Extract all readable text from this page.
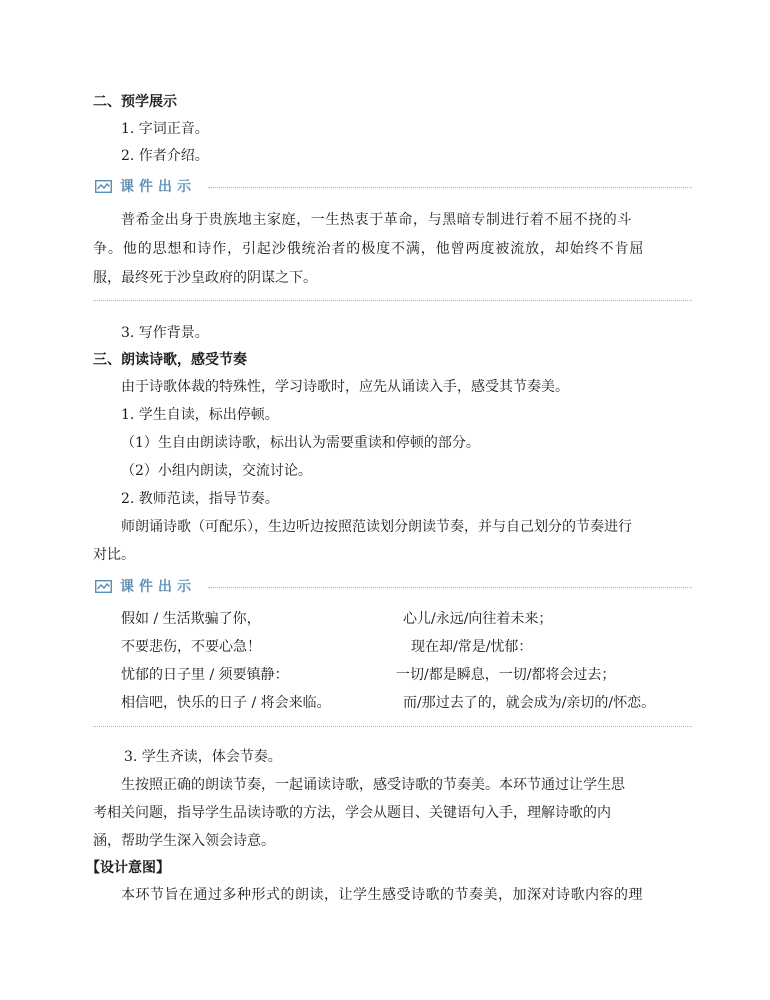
二、预学展示
1. 字词正音。
2. 作者介绍。
课件出示
普希金出身于贵族地主家庭，一生热衷于革命，与黑暗专制进行着不屈不挠的斗
争。他的思想和诗作，引起沙俄统治者的极度不满，他曾两度被流放，却始终不肯屈
服，最终死于沙皇政府的阴谋之下。
3. 写作背景。
三、朗读诗歌，感受节奏
由于诗歌体裁的特殊性，学习诗歌时，应先从诵读入手，感受其节奏美。
1. 学生自读，标出停顿。
（1）生自由朗读诗歌，标出认为需要重读和停顿的部分。
（2）小组内朗读，交流讨论。
2. 教师范读，指导节奏。
师朗诵诗歌（可配乐），生边听边按照范读划分朗读节奏，并与自己划分的节奏进行
对比。
课件出示
假如 / 生活欺骗了你，
不要悲伤，不要心急！
忧郁的日子里 / 须要镇静：
相信吧，快乐的日子 / 将会来临。
心儿/永远/向往着未来；
现在却/常是/忧郁：
一切/都是瞬息，一切/都将会过去；
而/那过去了的，就会成为/亲切的/怀恋。
3. 学生齐读，体会节奏。
生按照正确的朗读节奏，一起诵读诗歌，感受诗歌的节奏美。本环节通过让学生思
考相关问题，指导学生品读诗歌的方法，学会从题目、关键语句入手，理解诗歌的内
涵，帮助学生深入领会诗意。
【设计意图】
本环节旨在通过多种形式的朗读，让学生感受诗歌的节奏美，加深对诗歌内容的理
